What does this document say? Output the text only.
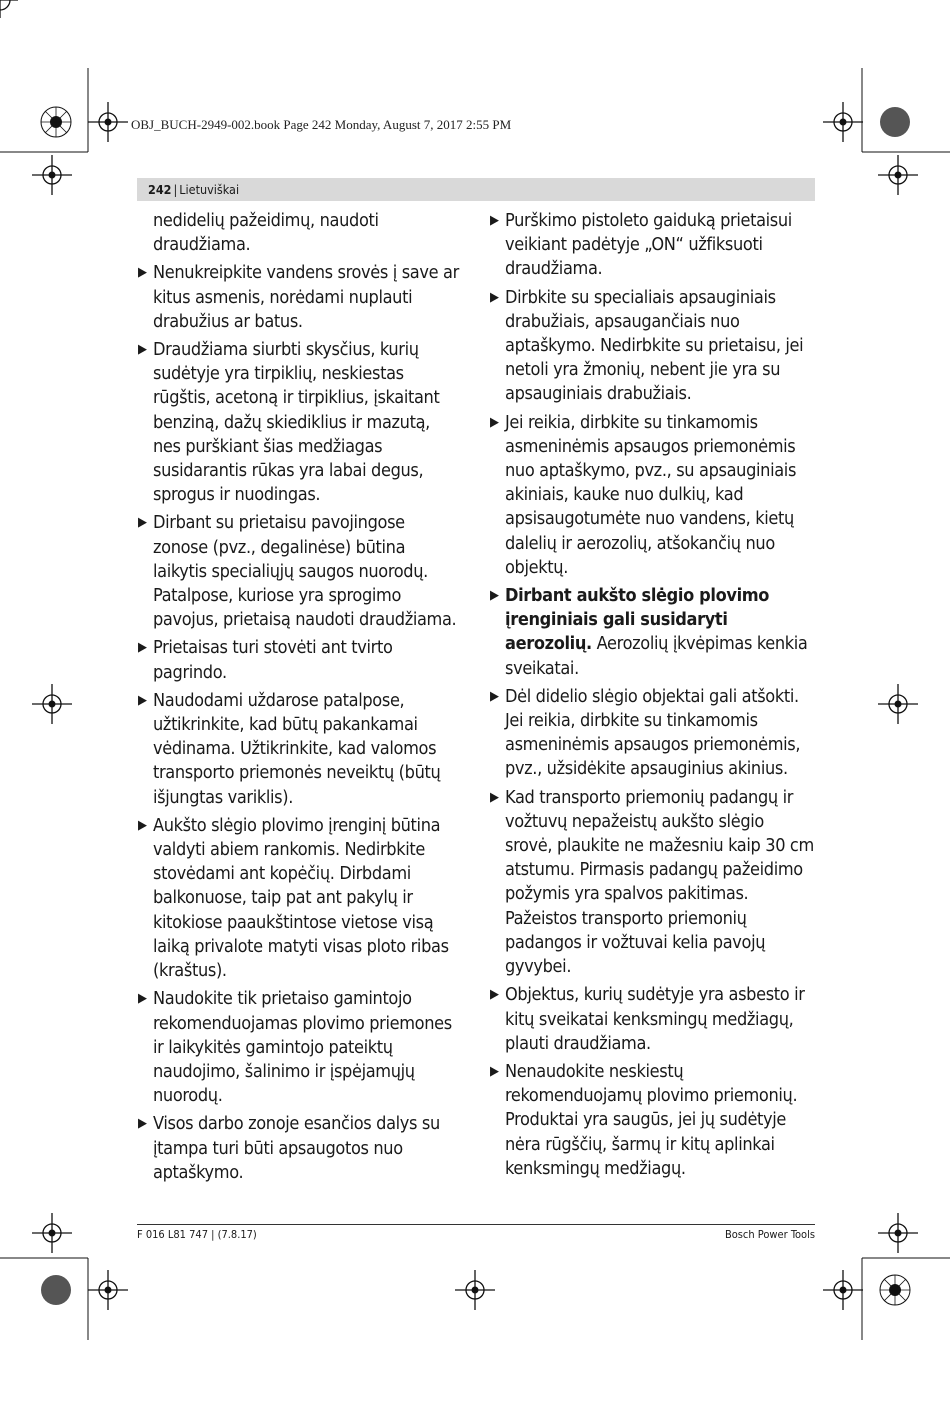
OBJ_BUCH-2949-002.book Page 242 Monday, August 7, 2017 2:55 PM
242 | Lietuviškai
nedidelių pažeidimų, naudoti draudžiama.
▶ Nenukreipkite vandens srovės į save ar kitus asmenis, norėdami nuplauti drabužius ar batus.
▶ Draudžiama siurbti skysčius, kurių sudėtyje yra tirpiklių, neskiestas rūgštis, acetoną ir tirpiklius, įskaitant benziną, dažų skiediklius ir mazutą, nes purškiant šias medžiagas susidarantis rūkas yra labai degus, sprogus ir nuodingas.
▶ Dirbant su prietaisu pavojingose zonose (pvz., degalinėse) būtina laikytis specialiųjų saugos nuorodų. Patalpose, kuriose yra sprogimo pavojus, prietaisą naudoti draudžiama.
▶ Prietaisas turi stovėti ant tvirto pagrindo.
▶ Naudodami uždarose patalpose, užtikrinkite, kad būtų pakankamai vėdinama. Užtikrinkite, kad valomos transporto priemonės neveiktų (būtų išjungtas variklis).
▶ Aukšto slėgio plovimo įrenginį būtina valdyti abiem rankomis. Nedirbkite stovėdami ant kopėčių. Dirbdami balkonuose, taip pat ant pakylų ir kitokiose paaukštintose vietose visą laiką privalote matyti visas ploto ribas (kraštus).
▶ Naudokite tik prietaiso gamintojo rekomenduojamas plovimo priemones ir laikykitės gamintojo pateiktų naudojimo, šalinimo ir įspėjamųjų nuorodų.
▶ Visos darbo zonoje esančios dalys su įtampa turi būti apsaugotos nuo aptaškymo.
▶ Purškimo pistoleto gaiduką prietaisui veikiant padėtyje „ON“ užfiksuoti draudžiama.
▶ Dirbkite su specialiais apsauginiais drabužiais, apsaugančiais nuo aptaškymo. Nedirbkite su prietaisu, jei netoli yra žmonių, nebent jie yra su apsauginiais drabužiais.
▶ Jei reikia, dirbkite su tinkamomis asmeninėmis apsaugos priemonėmis nuo aptaškymo, pvz., su apsauginiais akiniais, kauke nuo dulkių, kad apsisaugotumėte nuo vandens, kietų dalelių ir aerozolių, atšokančių nuo objektų.
▶ Dirbant aukšto slėgio plovimo įrenginiais gali susidaryti aerozolių. Aerozolių įkvėpimas kenkia sveikatai.
▶ Dėl didelio slėgio objektai gali atšokti. Jei reikia, dirbkite su tinkamomis asmeninėmis apsaugos priemonėmis, pvz., užsidėkite apsauginius akinius.
▶ Kad transporto priemonių padangų ir vožtuvų nepažeistų aukšto slėgio srovė, plaukite ne mažesniu kaip 30 cm atstumu. Pirmasis padangų pažeidimo požymis yra spalvos pakitimas. Pažeistos transporto priemonių padangos ir vožtuvai kelia pavojų gyvybei.
▶ Objektus, kurių sudėtyje yra asbesto ir kitų sveikatai kenksmingų medžiagų, plauti draudžiama.
▶ Nenaudokite neskiestų rekomenduojamų plovimo priemonių. Produktai yra saugūs, jei jų sudėtyje nėra rūgščių, šarmų ir kitų aplinkai kenksmingų medžiagų.
F 016 L81 747 | (7.8.17)	Bosch Power Tools
